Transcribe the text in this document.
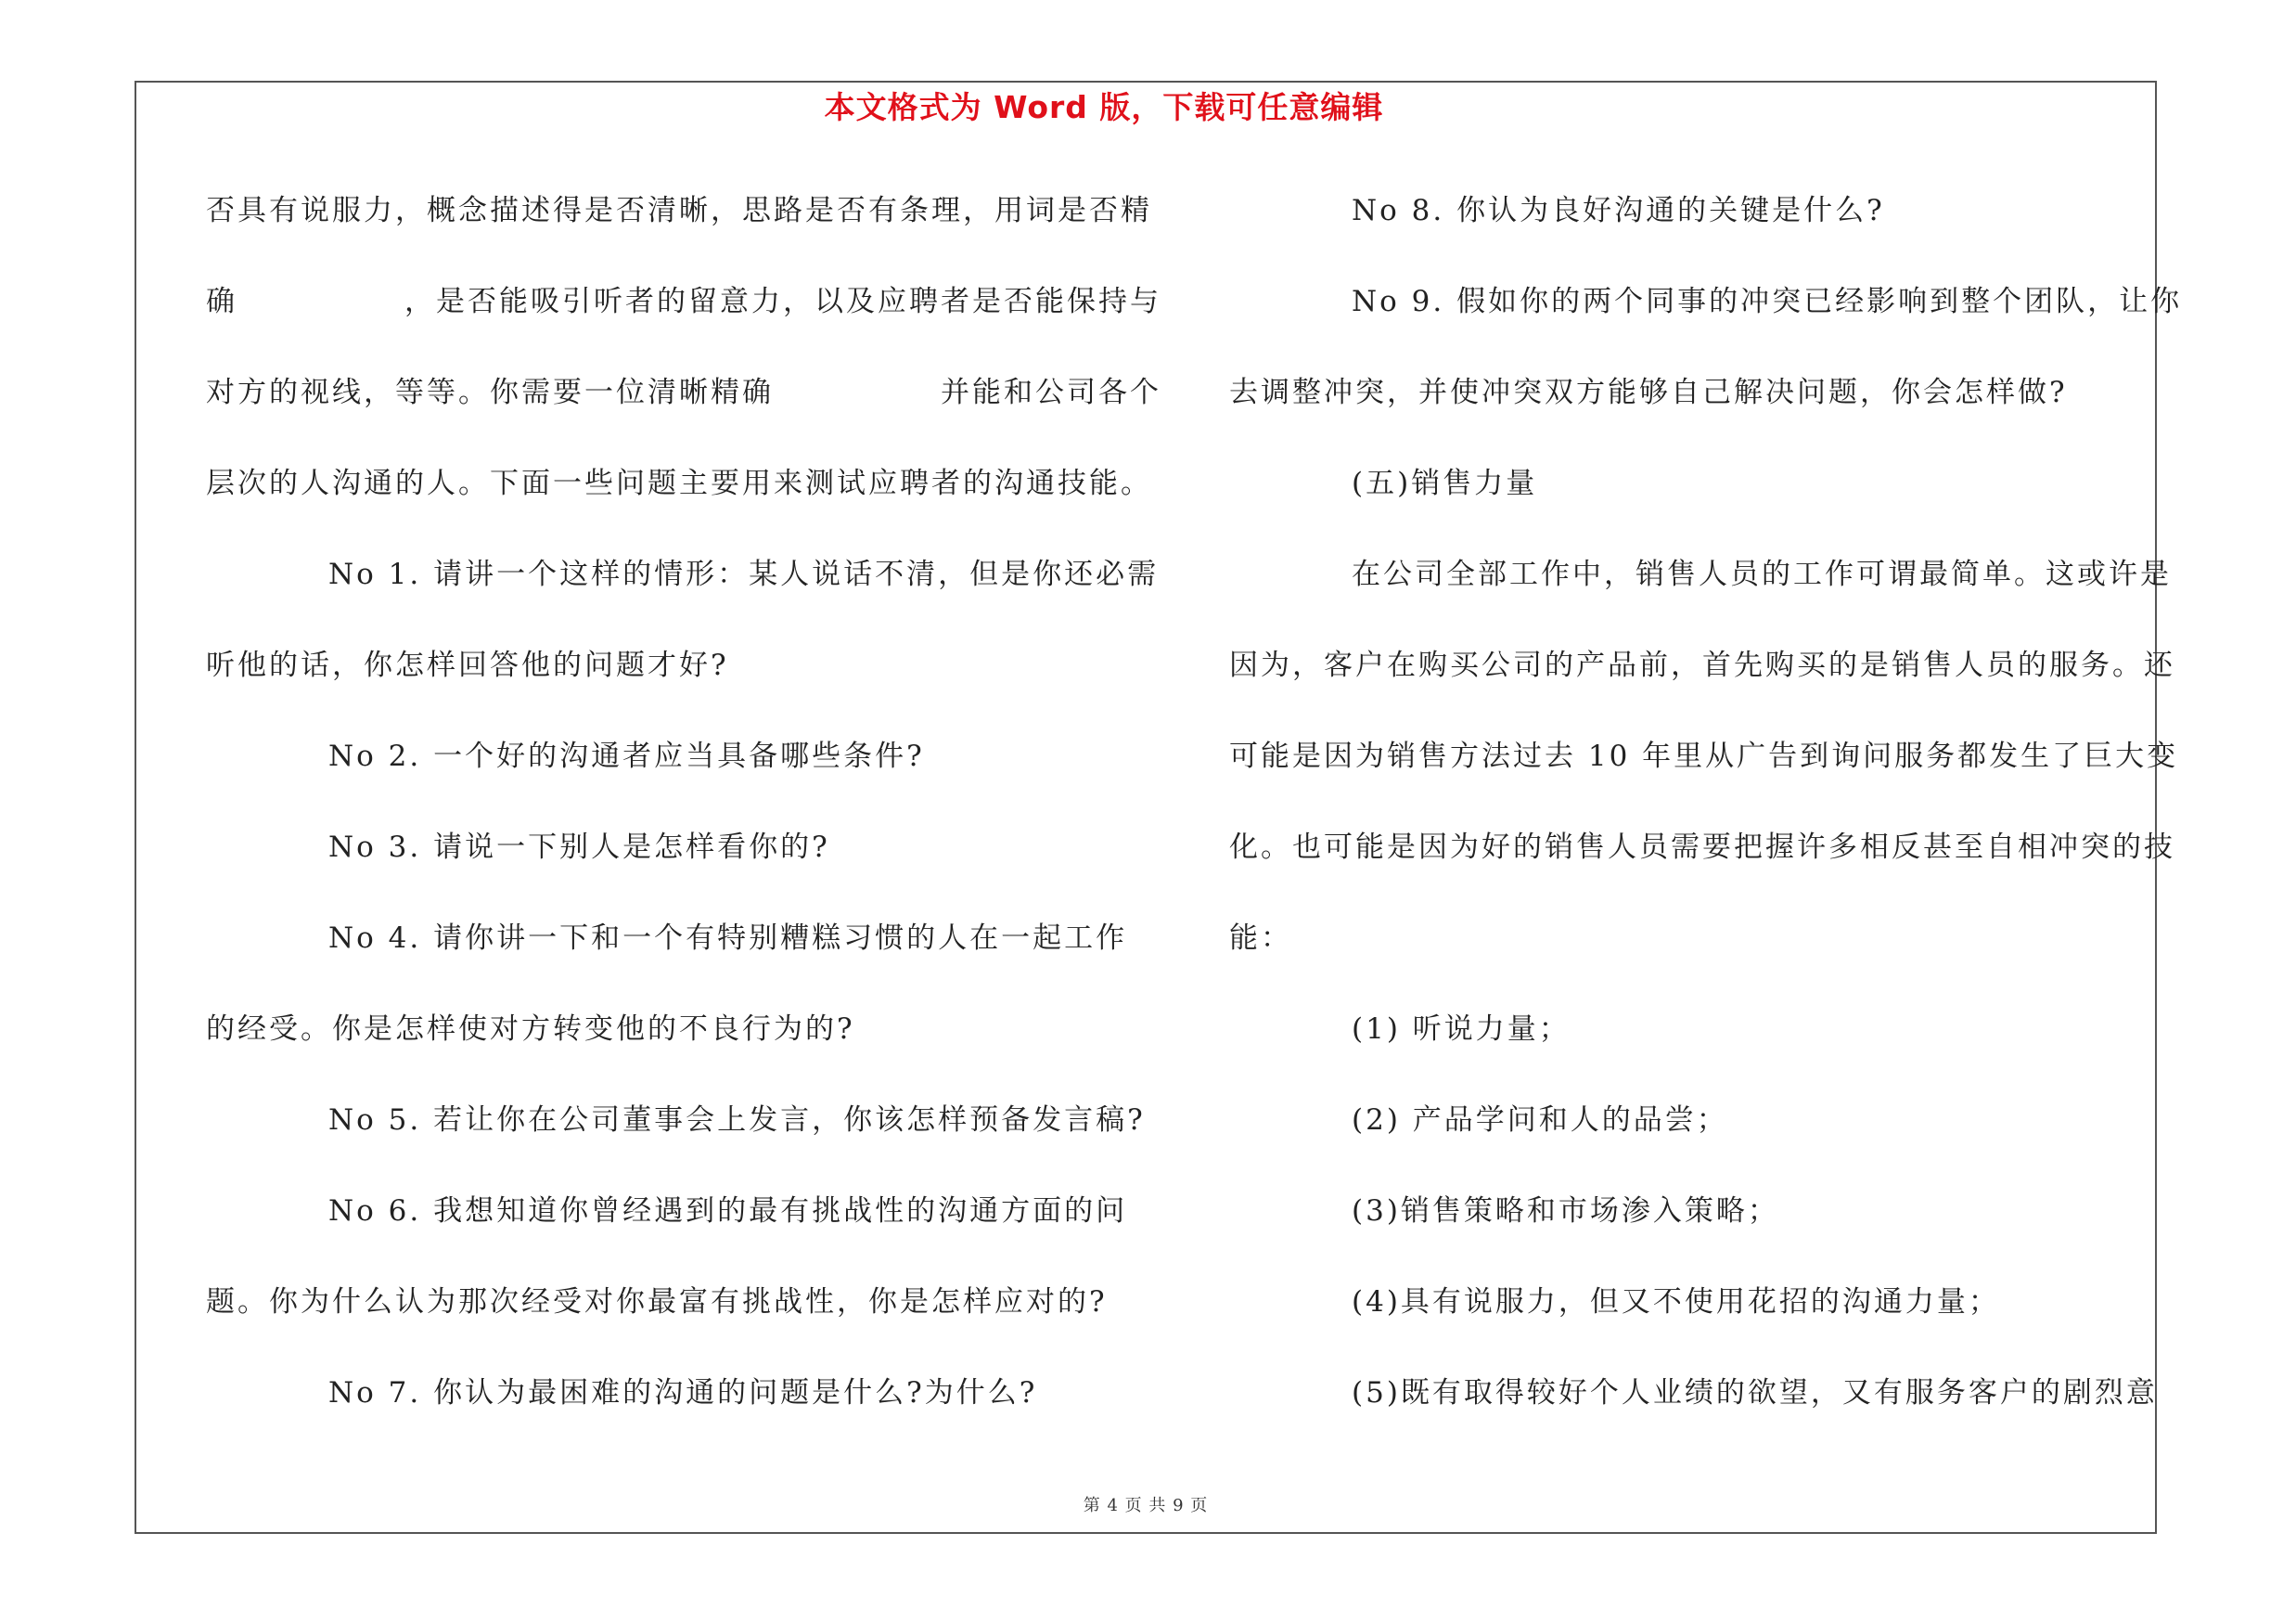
本文格式为 Word 版，下载可任意编辑
否具有说服力，概念描述得是否清晰，思路是否有条理，用词是否精
确              ，是否能吸引听者的留意力，以及应聘者是否能保持与
对方的视线，等等。你需要一位清晰精确              并能和公司各个
层次的人沟通的人。下面一些问题主要用来测试应聘者的沟通技能。
No 1. 请讲一个这样的情形：某人说话不清，但是你还必需
听他的话，你怎样回答他的问题才好?
No 2. 一个好的沟通者应当具备哪些条件?
No 3. 请说一下别人是怎样看你的?
No 4. 请你讲一下和一个有特别糟糕习惯的人在一起工作
的经受。你是怎样使对方转变他的不良行为的?
No 5. 若让你在公司董事会上发言，你该怎样预备发言稿?
No 6. 我想知道你曾经遇到的最有挑战性的沟通方面的问
题。你为什么认为那次经受对你最富有挑战性，你是怎样应对的?
No 7. 你认为最困难的沟通的问题是什么?为什么?
No 8. 你认为良好沟通的关键是什么?
No 9. 假如你的两个同事的冲突已经影响到整个团队，让你
去调整冲突，并使冲突双方能够自己解决问题，你会怎样做?
(五)销售力量
在公司全部工作中，销售人员的工作可谓最简单。这或许是
因为，客户在购买公司的产品前，首先购买的是销售人员的服务。还
可能是因为销售方法过去 10 年里从广告到询问服务都发生了巨大变
化。也可能是因为好的销售人员需要把握许多相反甚至自相冲突的技
能：
(1) 听说力量；
(2) 产品学问和人的品尝；
(3)销售策略和市场渗入策略；
(4)具有说服力，但又不使用花招的沟通力量；
(5)既有取得较好个人业绩的欲望，又有服务客户的剧烈意
第 4 页 共 9 页
